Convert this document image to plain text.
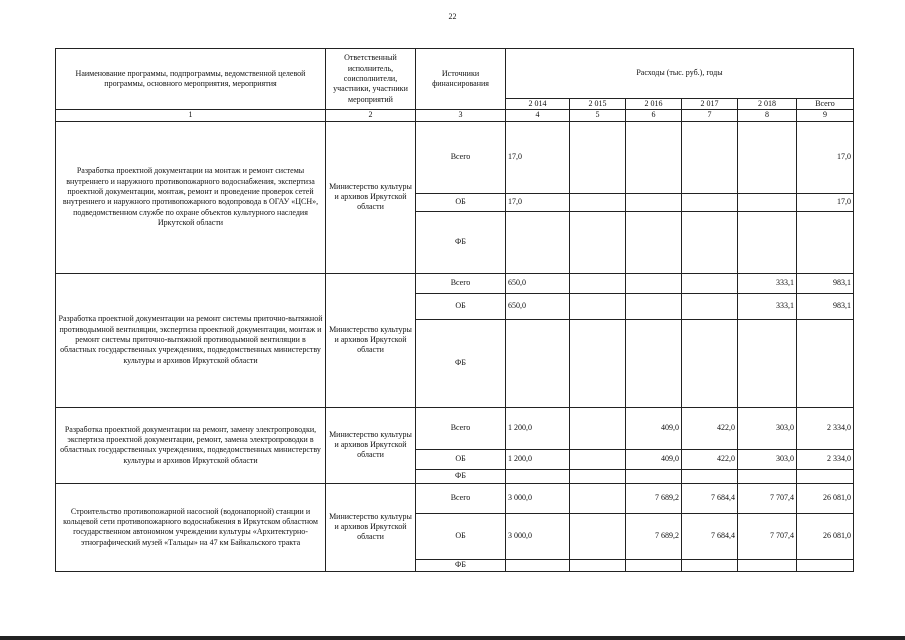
22
Наименование программы, подпрограммы, ведомственной целевой программы, основного мероприятия, мероприятия	Ответственный исполнитель, соисполнители, участники, участники мероприятий	Источники финансирования	Расходы (тыс. руб.), годы					
			2 014	2 015	2 016	2 017	2 018	Всего
1	2	3	4	5	6	7	8	9
Разработка проектной документации на монтаж и ремонт системы внутреннего и наружного противопожарного водоснабжения, экспертиза проектной документации, монтаж, ремонт и проведение проверок сетей внутреннего и наружного противопожарного водопровода в ОГАУ «ЦСН», подведомственном службе по охране объектов культурного наследия Иркутской области	Министерство культуры и архивов Иркутской области	Всего	17,0					17,0
		ОБ	17,0					17,0
		ФБ						
Разработка проектной документации на ремонт системы приточно-вытяжной противодымной вентиляции, экспертиза проектной документации, монтаж и ремонт системы приточно-вытяжной противодымной вентиляции в областных государственных учреждениях, подведомственных министерству культуры и архивов Иркутской области	Министерство культуры и архивов Иркутской области	Всего	650,0				333,1	983,1
		ОБ	650,0				333,1	983,1
		ФБ						
Разработка проектной документации на ремонт, замену электропроводки, экспертиза проектной документации, ремонт, замена электропроводки в областных государственных учреждениях, подведомственных министерству культуры и архивов Иркутской области	Министерство культуры и архивов Иркутской области	Всего	1 200,0		409,0	422,0	303,0	2 334,0
		ОБ	1 200,0		409,0	422,0	303,0	2 334,0
		ФБ						
Строительство противопожарной насосной (водонапорной) станции и кольцевой сети противопожарного водоснабжения в Иркутском областном государственном автономном учреждении культуры «Архитектурно-этнографический музей «Тальцы» на 47 км Байкальского тракта	Министерство культуры и архивов Иркутской области	Всего	3 000,0		7 689,2	7 684,4	7 707,4	26 081,0
		ОБ	3 000,0		7 689,2	7 684,4	7 707,4	26 081,0
		ФБ						
